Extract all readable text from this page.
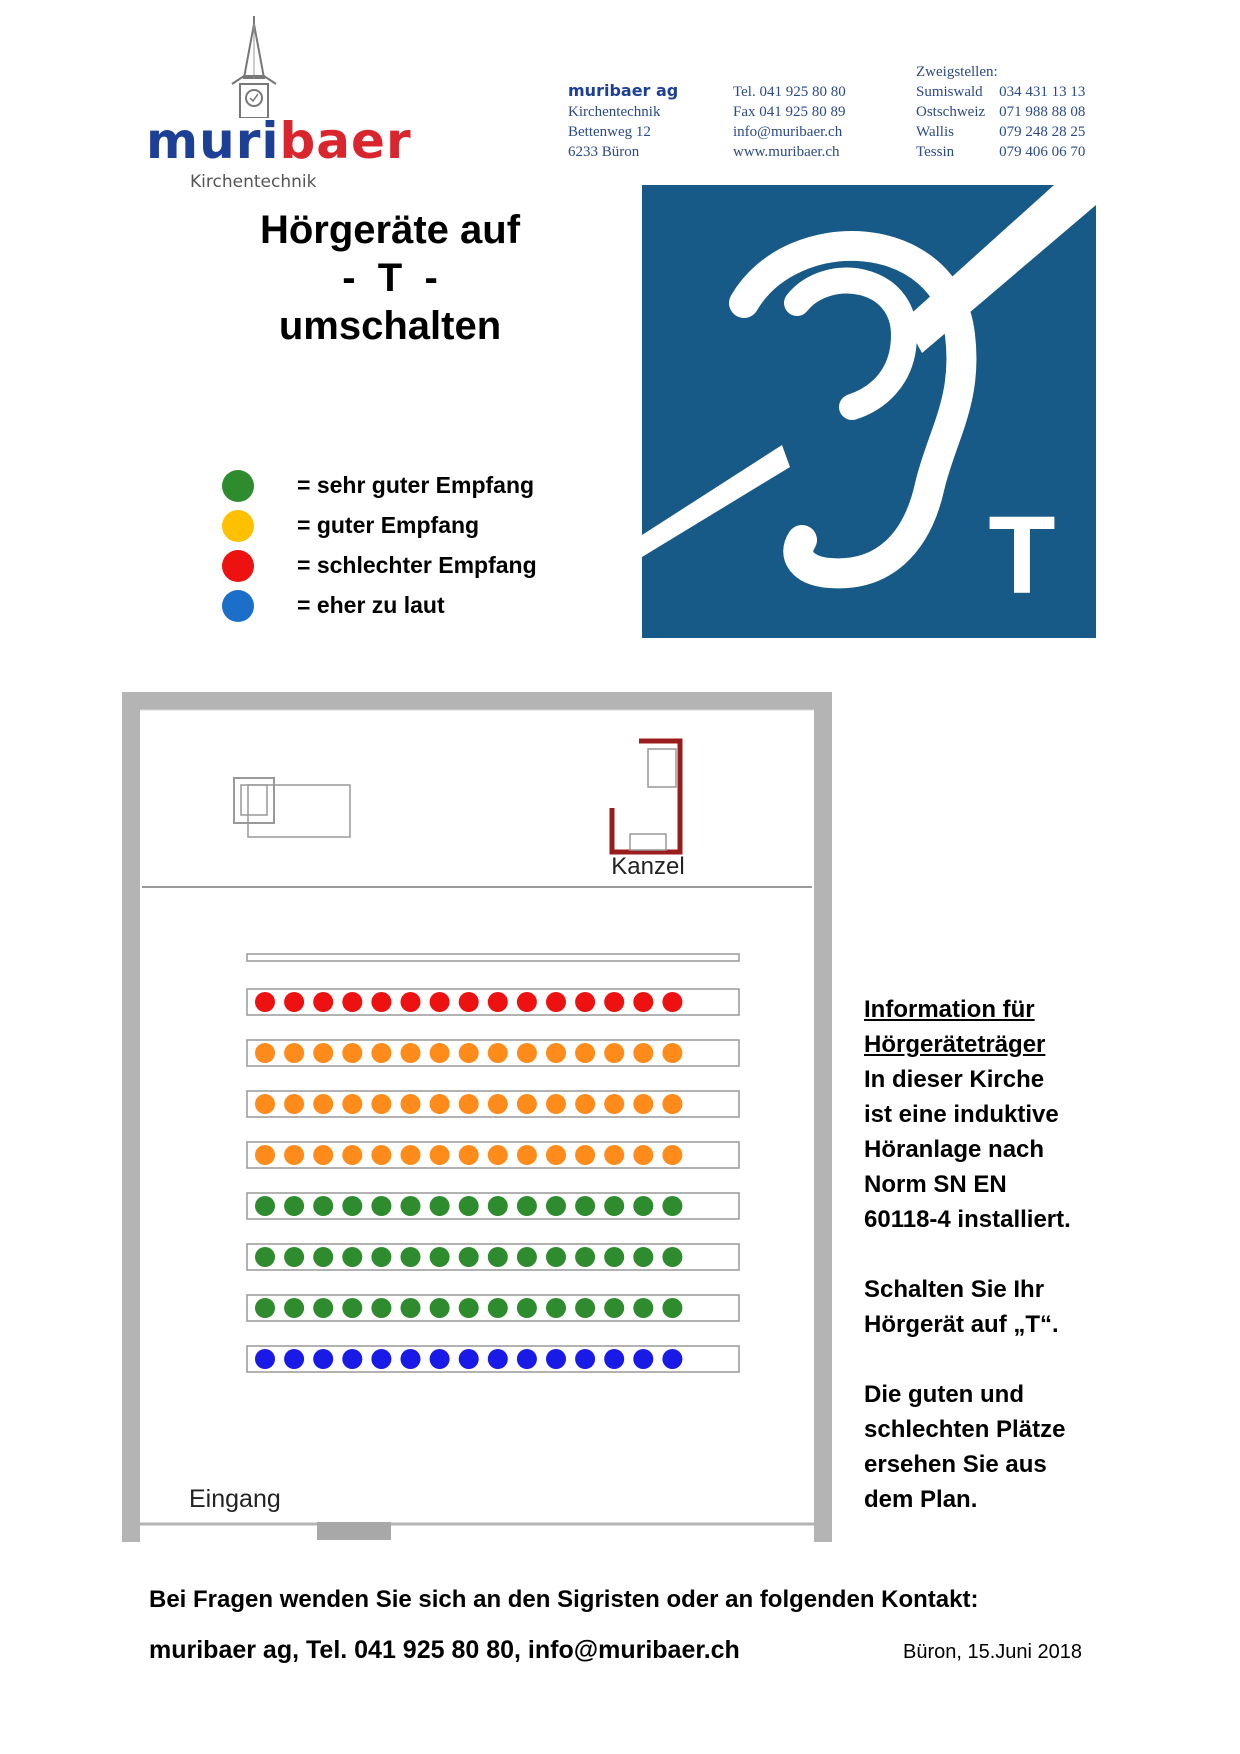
muribaer
Kirchentechnik
muribaer ag
Kirchentechnik
Bettenweg 12
6233 Büron
Tel. 041 925 80 80
Fax 041 925 80 89
info@muribaer.ch
www.muribaer.ch
Zweigstellen:
Sumiswald	034 431 13 13
Ostschweiz	071 988 88 08
Wallis	079 248 28 25
Tessin	079 406 06 70
Hörgeräte auf
-  T  -
umschalten
= sehr guter Empfang
= guter Empfang
= schlechter Empfang
= eher zu laut	T
Kanzel
Eingang

Information für
Hörgeräteträger
In dieser Kirche
ist eine induktive
Höranlage nach
Norm SN EN
60118-4 installiert.

Schalten Sie Ihr
Hörgerät auf „T“.

Die guten und
schlechten Plätze
ersehen Sie aus
dem Plan.

Bei Fragen wenden Sie sich an den Sigristen oder an folgenden Kontakt:
muribaer ag, Tel. 041 925 80 80, info@muribaer.ch	Büron, 15.Juni 2018
